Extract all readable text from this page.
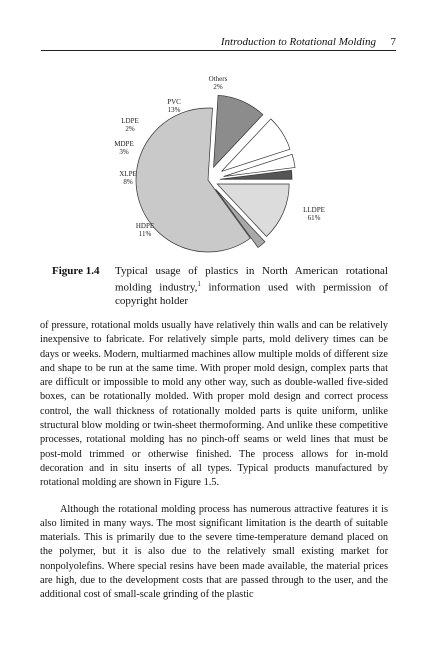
Introduction to Rotational Molding 7
LLDPE 61%
HDPE 11%
XLPE 8%
MDPE 3%
LDPE 2%
PVC 13%
Others 2%
Figure 1.4 Typical usage of plastics in North American rotational molding industry,$^1$ information used with permission of copyright holder

of pressure, rotational molds usually have relatively thin walls and can be relatively inexpensive to fabricate. For relatively simple parts, mold delivery times can be days or weeks. Modern, multiarmed machines allow multiple molds of different size and shape to be run at the same time. With proper mold design, complex parts that are difficult or impossible to mold any other way, such as double-walled five-sided boxes, can be rotationally molded. With proper mold design and correct process control, the wall thickness of rotationally molded parts is quite uniform, unlike structural blow molding or twin-sheet thermoforming. And unlike these competitive processes, rotational molding has no pinch-off seams or weld lines that must be post-mold trimmed or otherwise finished. The process allows for in-mold decoration and in situ inserts of all types. Typical products manufactured by rotational molding are shown in Figure 1.5.

Although the rotational molding process has numerous attractive features it is also limited in many ways. The most significant limitation is the dearth of suitable materials. This is primarily due to the severe time-temperature demand placed on the polymer, but it is also due to the relatively small existing market for nonpolyolefins. Where special resins have been made available, the material prices are high, due to the development costs that are passed through to the user, and the additional cost of small-scale grinding of the plastic
